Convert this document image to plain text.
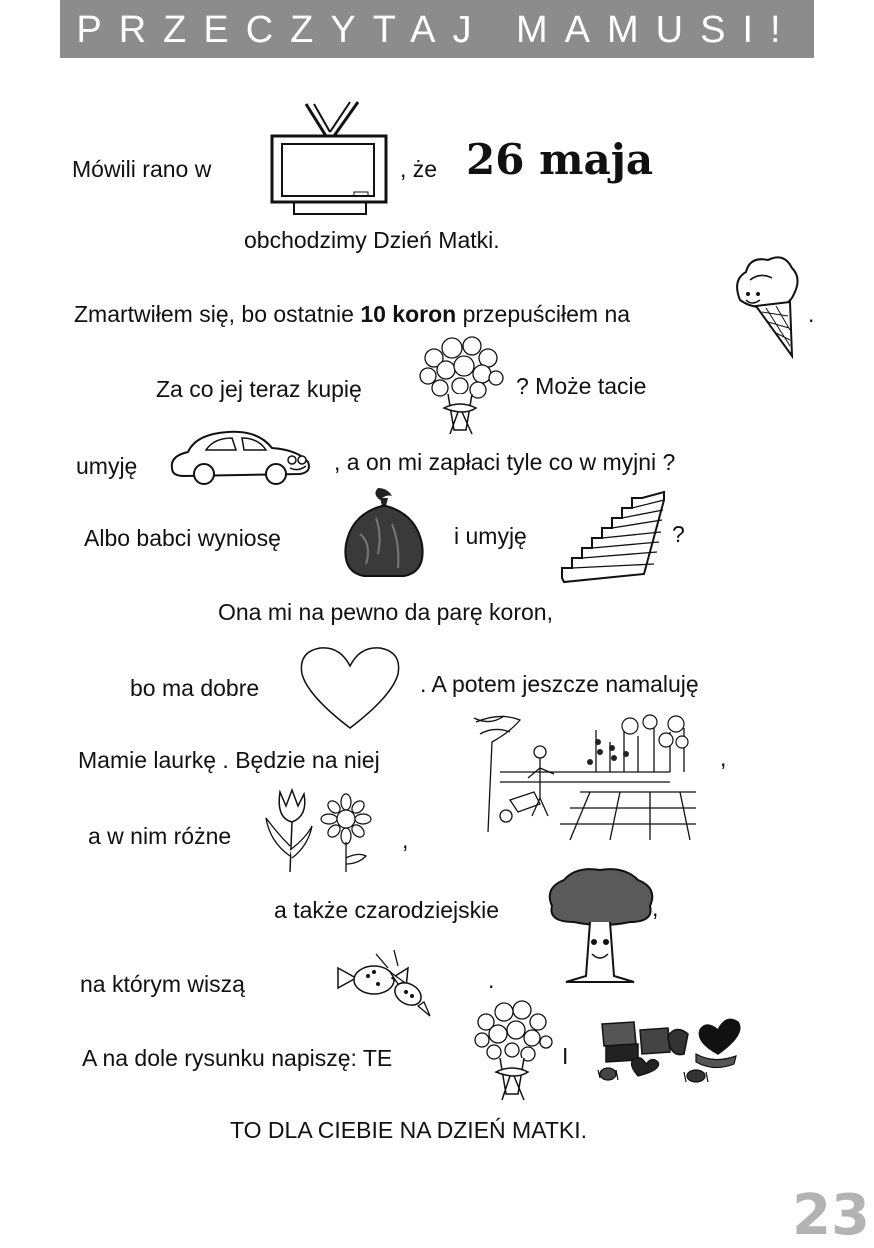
PRZECZYTAJ MAMUSI!
Mówili rano w	, że 26 maja
obchodzimy Dzień Matki.
Zmartwiłem się, bo ostatnie 10 koron przepuściłem na	.
Za co jej teraz kupię	? Może tacie
umyję	, a on mi zapłaci tyle co w myjni ?
Albo babci wyniosę	i umyję	?
Ona mi na pewno da parę koron,
bo ma dobre	. A potem jeszcze namaluję
Mamie laurkę . Będzie na niej	,
a w nim różne	,
a także czarodziejskie	,
na którym wiszą	.
A na dole rysunku napiszę: TE	I
TO DLA CIEBIE NA DZIEŃ MATKI.
23
